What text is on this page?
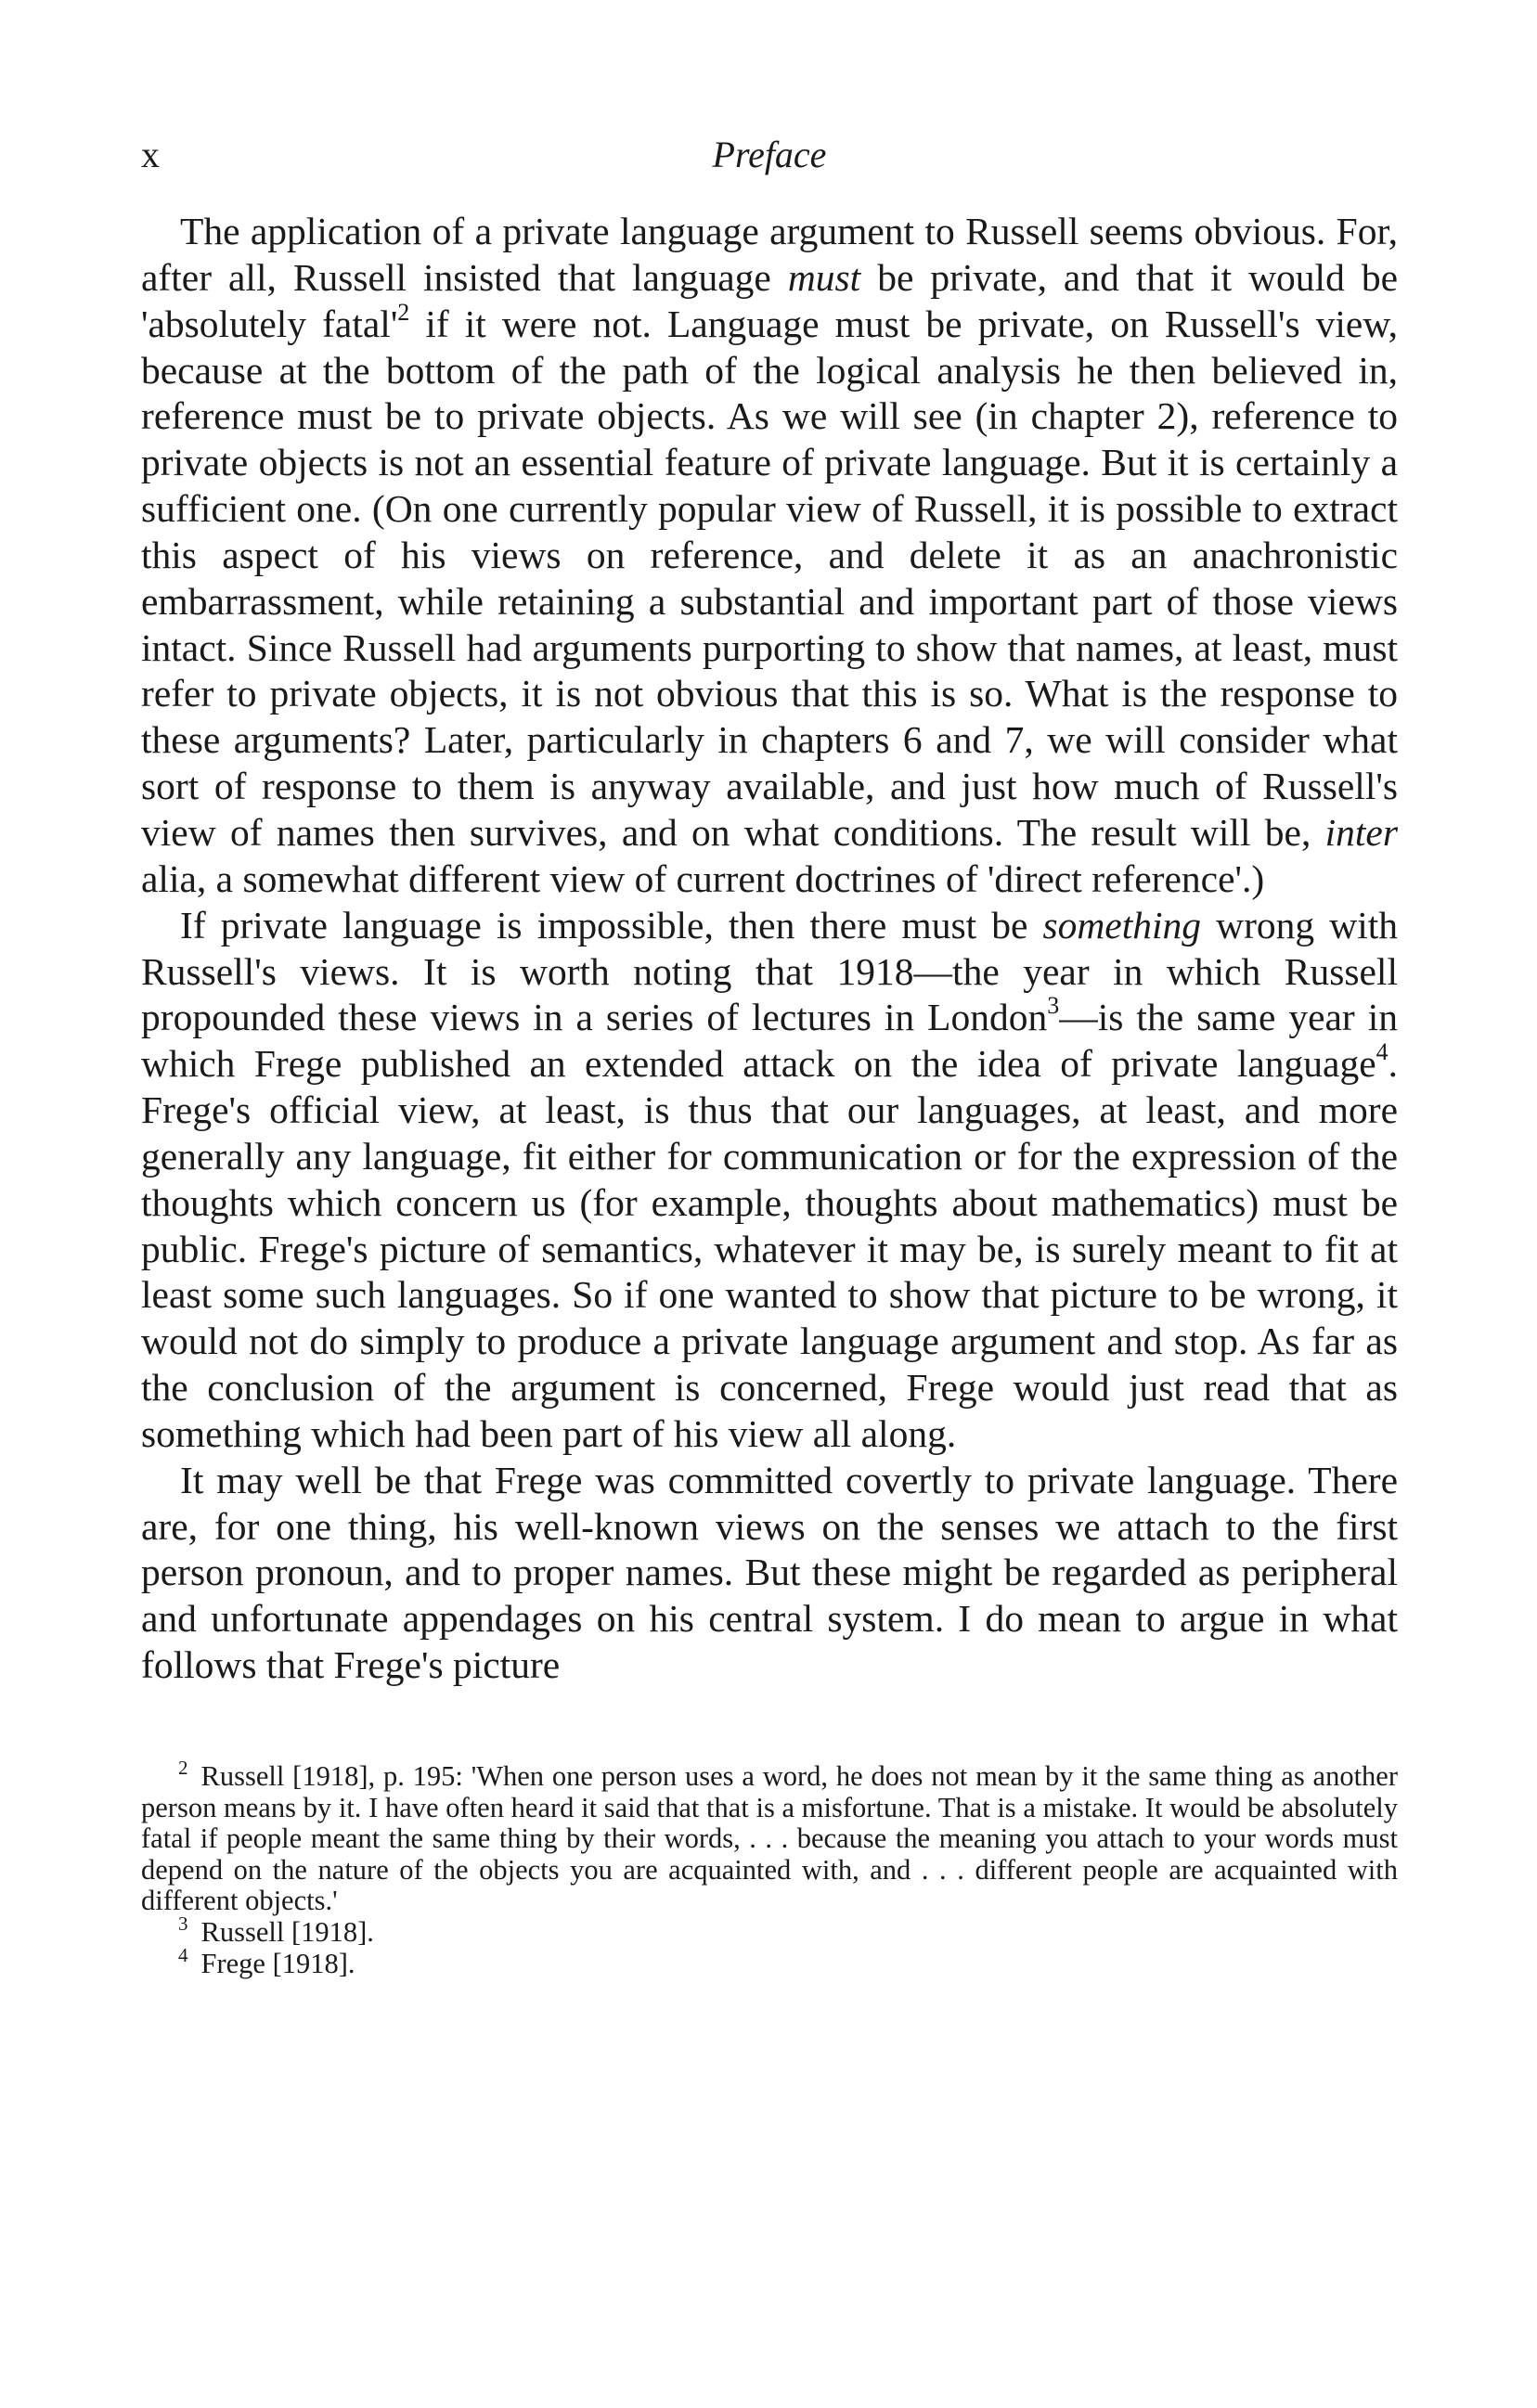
x	Preface

The application of a private language argument to Russell seems obvious. For, after all, Russell insisted that language must be private, and that it would be 'absolutely fatal'$^2$ if it were not. Language must be private, on Russell's view, because at the bottom of the path of the logical analysis he then believed in, reference must be to private objects. As we will see (in chapter 2), reference to private objects is not an essential feature of private language. But it is certainly a sufficient one. (On one currently popular view of Russell, it is possible to extract this aspect of his views on reference, and delete it as an anachronistic embarrassment, while retaining a substantial and important part of those views intact. Since Russell had arguments purporting to show that names, at least, must refer to private objects, it is not obvious that this is so. What is the response to these arguments? Later, particularly in chapters 6 and 7, we will consider what sort of response to them is anyway available, and just how much of Russell's view of names then survives, and on what conditions. The result will be, inter alia, a somewhat different view of current doctrines of 'direct reference'.)

If private language is impossible, then there must be something wrong with Russell's views. It is worth noting that 1918—the year in which Russell propounded these views in a series of lectures in London$^3$—is the same year in which Frege published an extended attack on the idea of private language$^4$. Frege's official view, at least, is thus that our languages, at least, and more generally any language, fit either for communication or for the expression of the thoughts which concern us (for example, thoughts about mathematics) must be public. Frege's picture of semantics, whatever it may be, is surely meant to fit at least some such languages. So if one wanted to show that picture to be wrong, it would not do simply to produce a private language argument and stop. As far as the conclusion of the argument is concerned, Frege would just read that as something which had been part of his view all along.

It may well be that Frege was committed covertly to private language. There are, for one thing, his well-known views on the senses we attach to the first person pronoun, and to proper names. But these might be regarded as peripheral and unfortunate appendages on his central system. I do mean to argue in what follows that Frege's picture

$^2$ Russell [1918], p. 195: 'When one person uses a word, he does not mean by it the same thing as another person means by it. I have often heard it said that that is a misfortune. That is a mistake. It would be absolutely fatal if people meant the same thing by their words, . . . because the meaning you attach to your words must depend on the nature of the objects you are acquainted with, and . . . different people are acquainted with different objects.'

$^3$ Russell [1918].

$^4$ Frege [1918].
